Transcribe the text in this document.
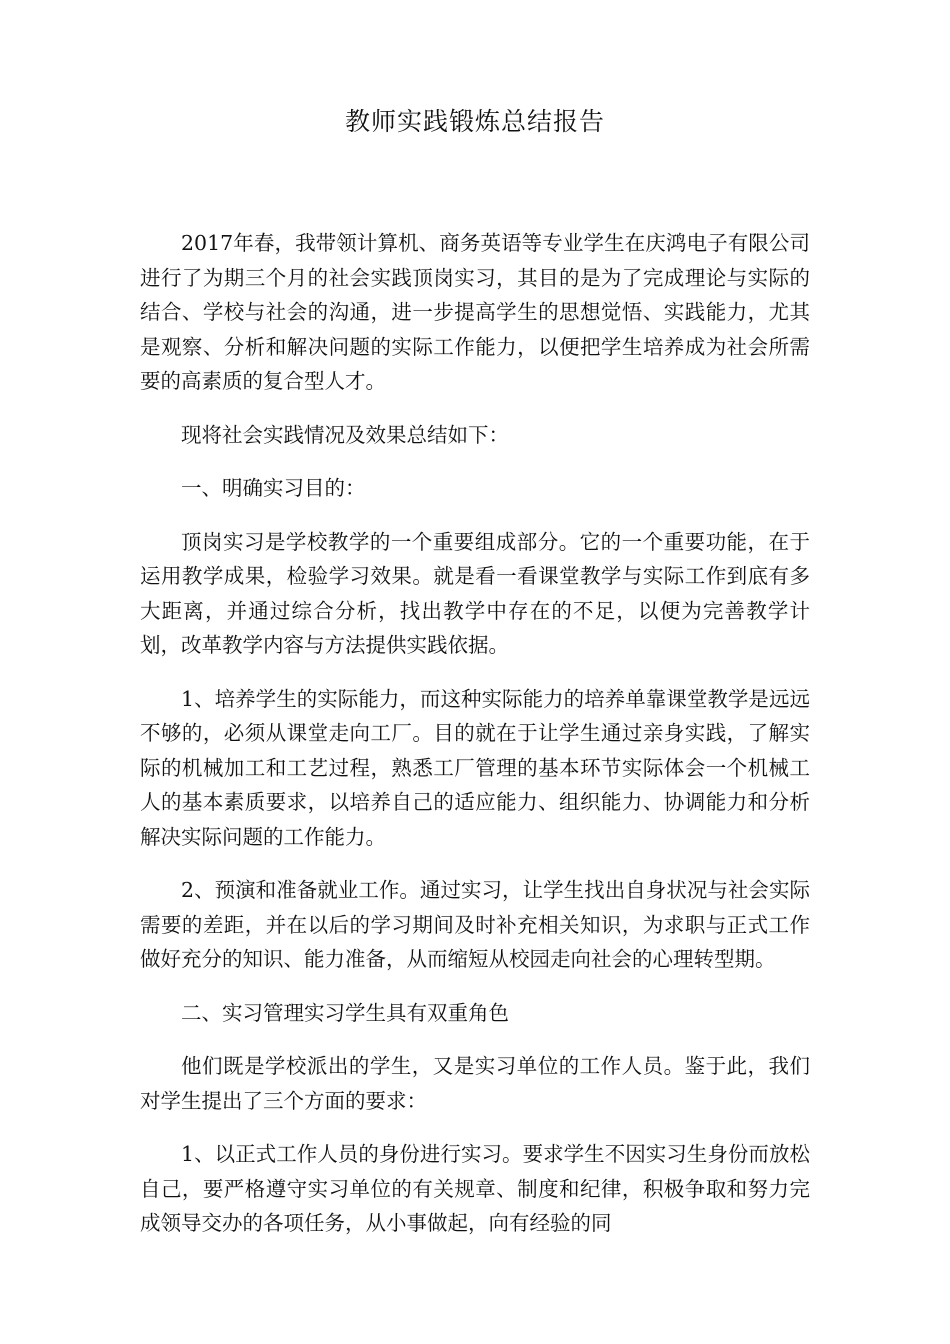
教师实践锻炼总结报告

2017年春，我带领计算机、商务英语等专业学生在庆鸿电子有限公司进行了为期三个月的社会实践顶岗实习，其目的是为了完成理论与实际的结合、学校与社会的沟通，进一步提高学生的思想觉悟、实践能力，尤其是观察、分析和解决问题的实际工作能力，以便把学生培养成为社会所需要的高素质的复合型人才。

现将社会实践情况及效果总结如下：

一、明确实习目的：

顶岗实习是学校教学的一个重要组成部分。它的一个重要功能，在于运用教学成果，检验学习效果。就是看一看课堂教学与实际工作到底有多大距离，并通过综合分析，找出教学中存在的不足，以便为完善教学计划，改革教学内容与方法提供实践依据。

1、培养学生的实际能力，而这种实际能力的培养单靠课堂教学是远远不够的，必须从课堂走向工厂。目的就在于让学生通过亲身实践，了解实际的机械加工和工艺过程，熟悉工厂管理的基本环节实际体会一个机械工人的基本素质要求，以培养自己的适应能力、组织能力、协调能力和分析解决实际问题的工作能力。

2、预演和准备就业工作。通过实习，让学生找出自身状况与社会实际需要的差距，并在以后的学习期间及时补充相关知识，为求职与正式工作做好充分的知识、能力准备，从而缩短从校园走向社会的心理转型期。

二、实习管理实习学生具有双重角色

他们既是学校派出的学生，又是实习单位的工作人员。鉴于此，我们对学生提出了三个方面的要求：

1、以正式工作人员的身份进行实习。要求学生不因实习生身份而放松自己，要严格遵守实习单位的有关规章、制度和纪律，积极争取和努力完成领导交办的各项任务，从小事做起，向有经验的同
